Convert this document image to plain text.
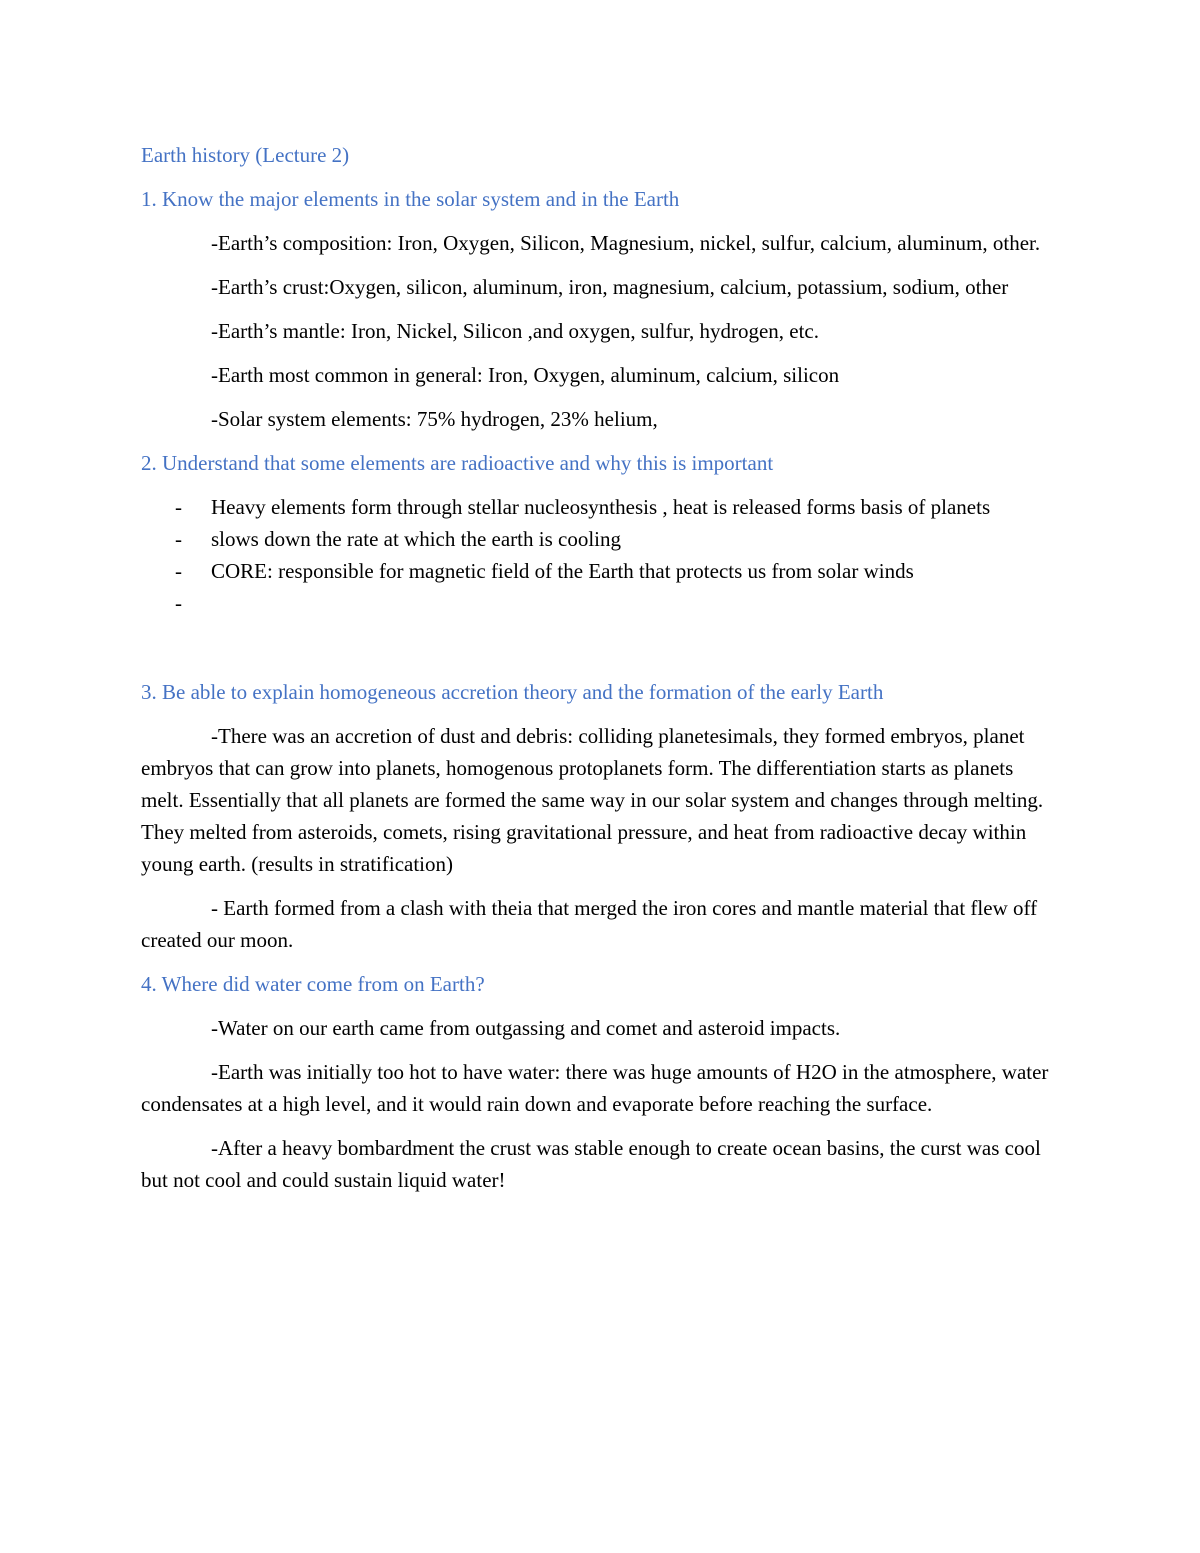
Earth history (Lecture 2)

1. Know the major elements in the solar system and in the Earth

-Earth’s composition: Iron, Oxygen, Silicon, Magnesium, nickel, sulfur, calcium, aluminum, other.

-Earth’s crust:Oxygen, silicon, aluminum, iron, magnesium, calcium, potassium, sodium, other

-Earth’s mantle: Iron, Nickel, Silicon ,and oxygen, sulfur, hydrogen, etc.

-Earth most common in general: Iron, Oxygen, aluminum, calcium, silicon

-Solar system elements: 75% hydrogen, 23% helium,

2. Understand that some elements are radioactive and why this is important

- Heavy elements form through stellar nucleosynthesis , heat is released forms basis of planets
- slows down the rate at which the earth is cooling
- CORE: responsible for magnetic field of the Earth that protects us from solar winds
-

3. Be able to explain homogeneous accretion theory and the formation of the early Earth

-There was an accretion of dust and debris: colliding planetesimals, they formed embryos, planet embryos that can grow into planets, homogenous protoplanets form. The differentiation starts as planets melt. Essentially that all planets are formed the same way in our solar system and changes through melting. They melted from asteroids, comets, rising gravitational pressure, and heat from radioactive decay within young earth. (results in stratification)

- Earth formed from a clash with theia that merged the iron cores and mantle material that flew off created our moon.

4. Where did water come from on Earth?

-Water on our earth came from outgassing and comet and asteroid impacts.

-Earth was initially too hot to have water: there was huge amounts of H2O in the atmosphere, water condensates at a high level, and it would rain down and evaporate before reaching the surface.

-After a heavy bombardment the crust was stable enough to create ocean basins, the curst was cool but not cool and could sustain liquid water!
